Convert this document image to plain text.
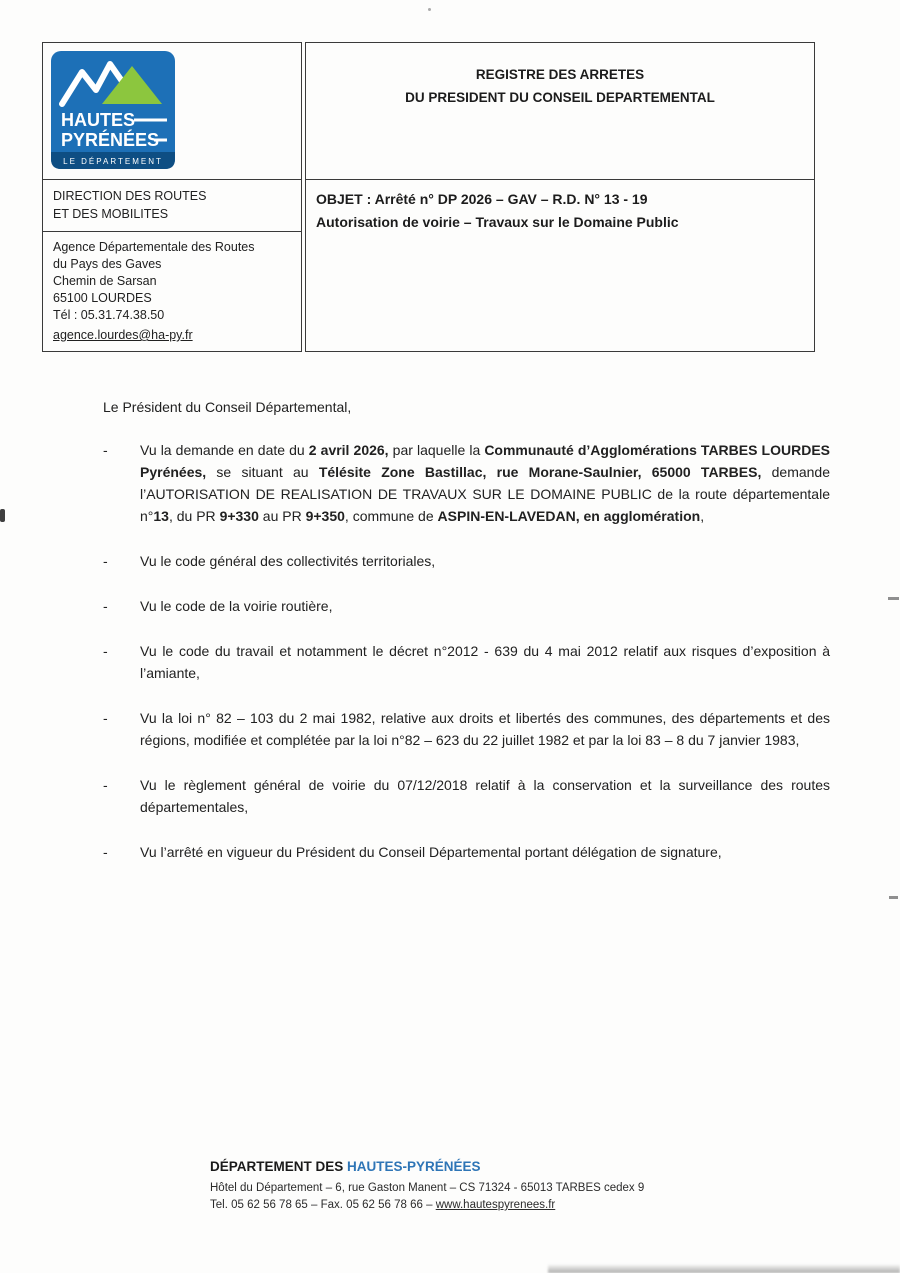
HAUTES
PYRÉNÉES
LE DÉPARTEMENT
DIRECTION DES ROUTES
ET DES MOBILITES
Agence Départementale des Routes
du Pays des Gaves
Chemin de Sarsan
65100 LOURDES
Tél : 05.31.74.38.50
agence.lourdes@ha-py.fr
REGISTRE DES ARRETES
DU PRESIDENT DU CONSEIL DEPARTEMENTAL
OBJET : Arrêté n° DP 2026 – GAV – R.D. N° 13 - 19
Autorisation de voirie – Travaux sur le Domaine Public

Le Président du Conseil Départemental,

-	Vu la demande en date du 2 avril 2026, par laquelle la Communauté d’Agglomérations TARBES LOURDES Pyrénées, se situant au Télésite Zone Bastillac, rue Morane-Saulnier, 65000 TARBES, demande l’AUTORISATION DE REALISATION DE TRAVAUX SUR LE DOMAINE PUBLIC de la route départementale n°13, du PR 9+330 au PR 9+350, commune de ASPIN-EN-LAVEDAN, en agglomération,

-	Vu le code général des collectivités territoriales,

-	Vu le code de la voirie routière,

-	Vu le code du travail et notamment le décret n°2012 - 639 du 4 mai 2012 relatif aux risques d’exposition à l’amiante,

-	Vu la loi n° 82 – 103 du 2 mai 1982, relative aux droits et libertés des communes, des départements et des régions, modifiée et complétée par la loi n°82 – 623 du 22 juillet 1982 et par la loi 83 – 8 du 7 janvier 1983,

-	Vu le règlement général de voirie du 07/12/2018 relatif à la conservation et la surveillance des routes départementales,

-	Vu l’arrêté en vigueur du Président du Conseil Départemental portant délégation de signature,

DÉPARTEMENT DES HAUTES-PYRÉNÉES
Hôtel du Département – 6, rue Gaston Manent – CS 71324 - 65013 TARBES cedex 9
Tel. 05 62 56 78 65 – Fax. 05 62 56 78 66 – www.hautespyrenees.fr
